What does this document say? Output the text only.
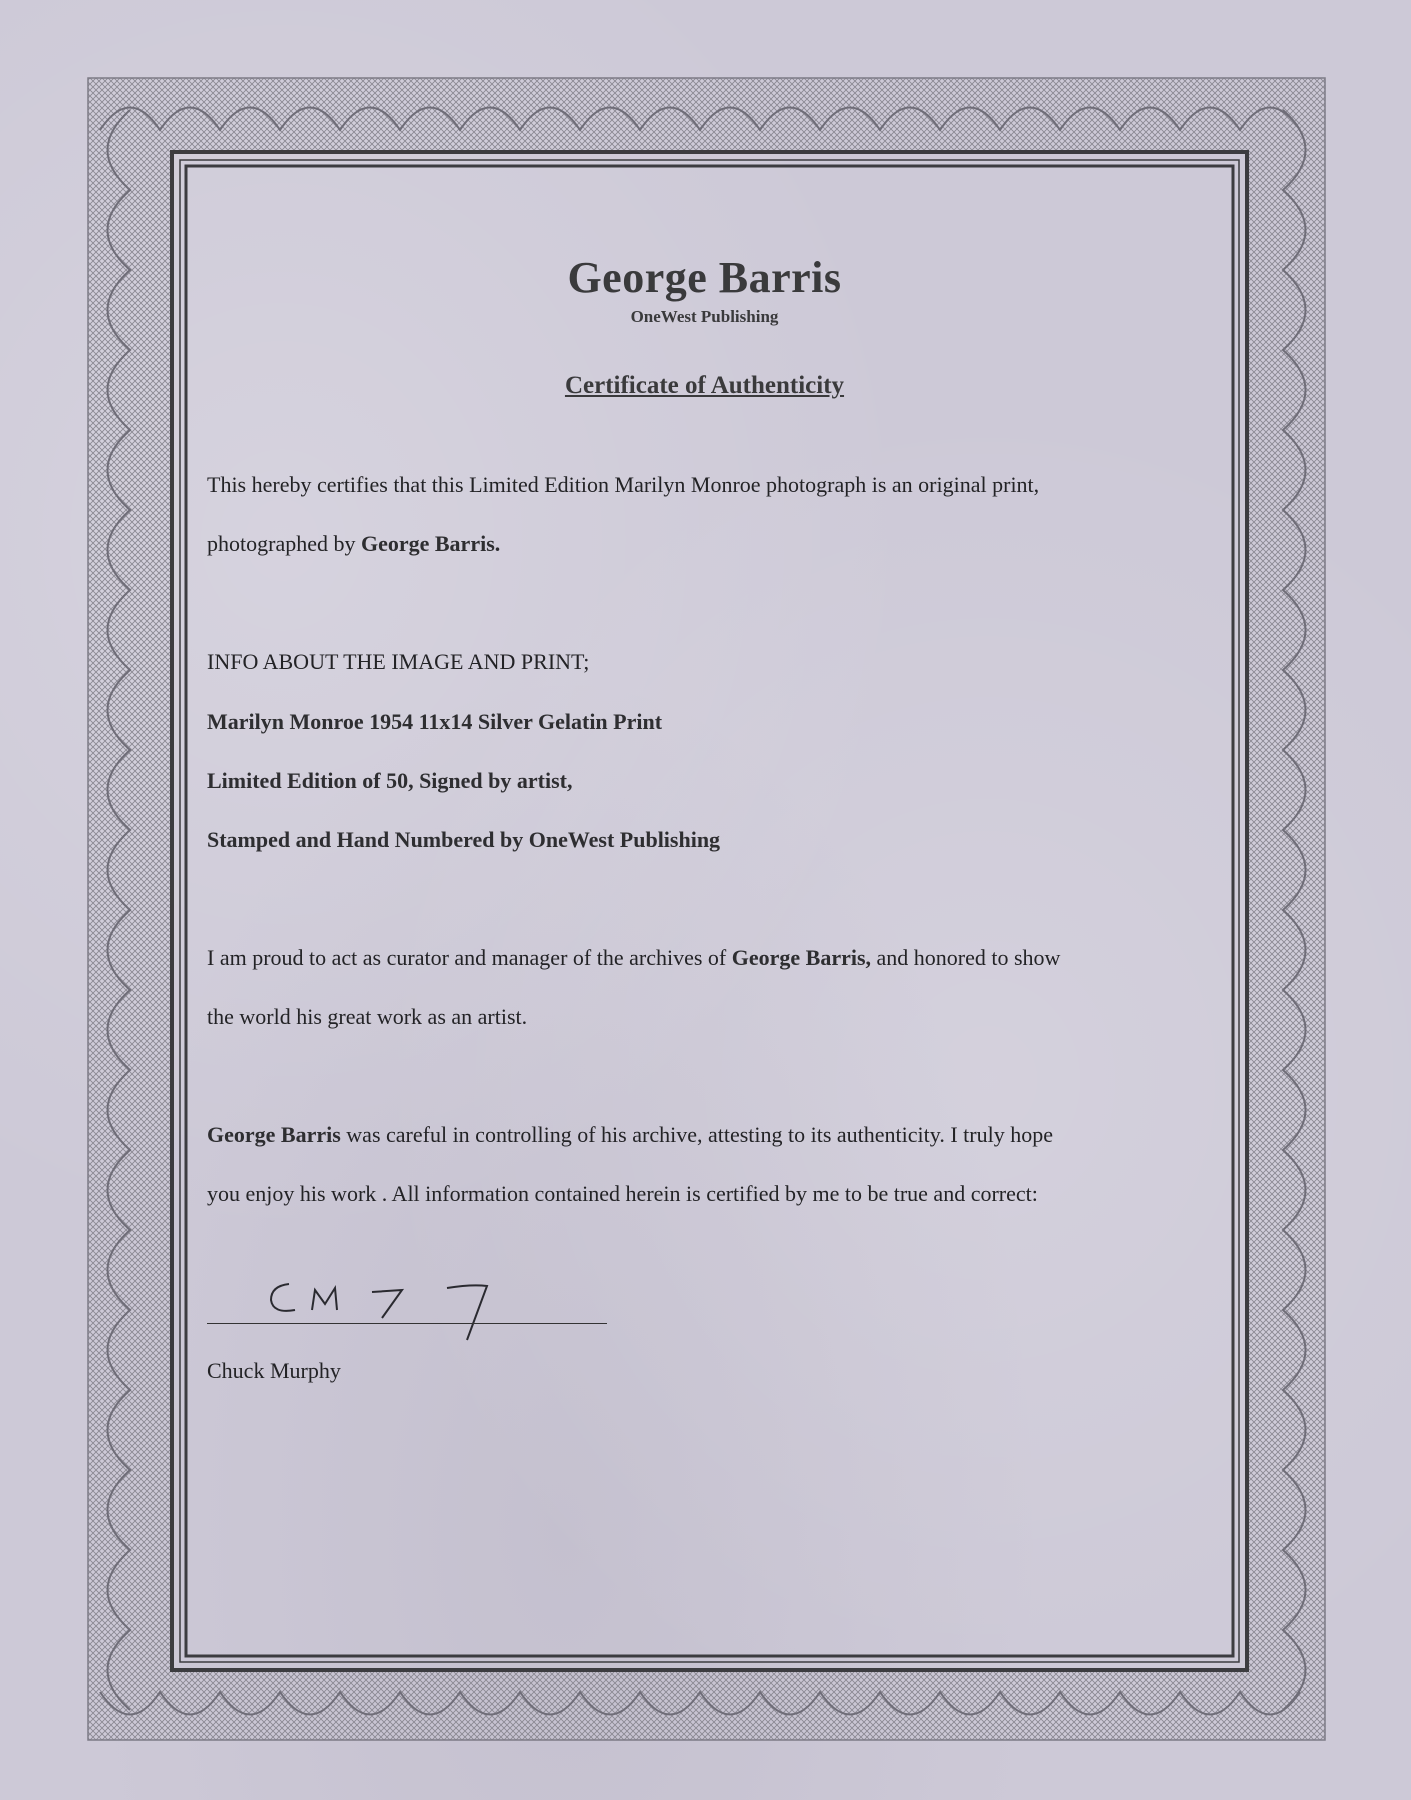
George Barris
OneWest Publishing
Certificate of Authenticity
This hereby certifies that this Limited Edition Marilyn Monroe photograph is an original print,
photographed by George Barris.
INFO ABOUT THE IMAGE AND PRINT;
Marilyn Monroe 1954 11x14 Silver Gelatin Print
Limited Edition of 50, Signed by artist,
Stamped and Hand Numbered by OneWest Publishing
I am proud to act as curator and manager of the archives of George Barris, and honored to show
the world his great work as an artist.
George Barris was careful in controlling of his archive, attesting to its authenticity. I truly hope
you enjoy his work . All information contained herein is certified by me to be true and correct:
Chuck Murphy
